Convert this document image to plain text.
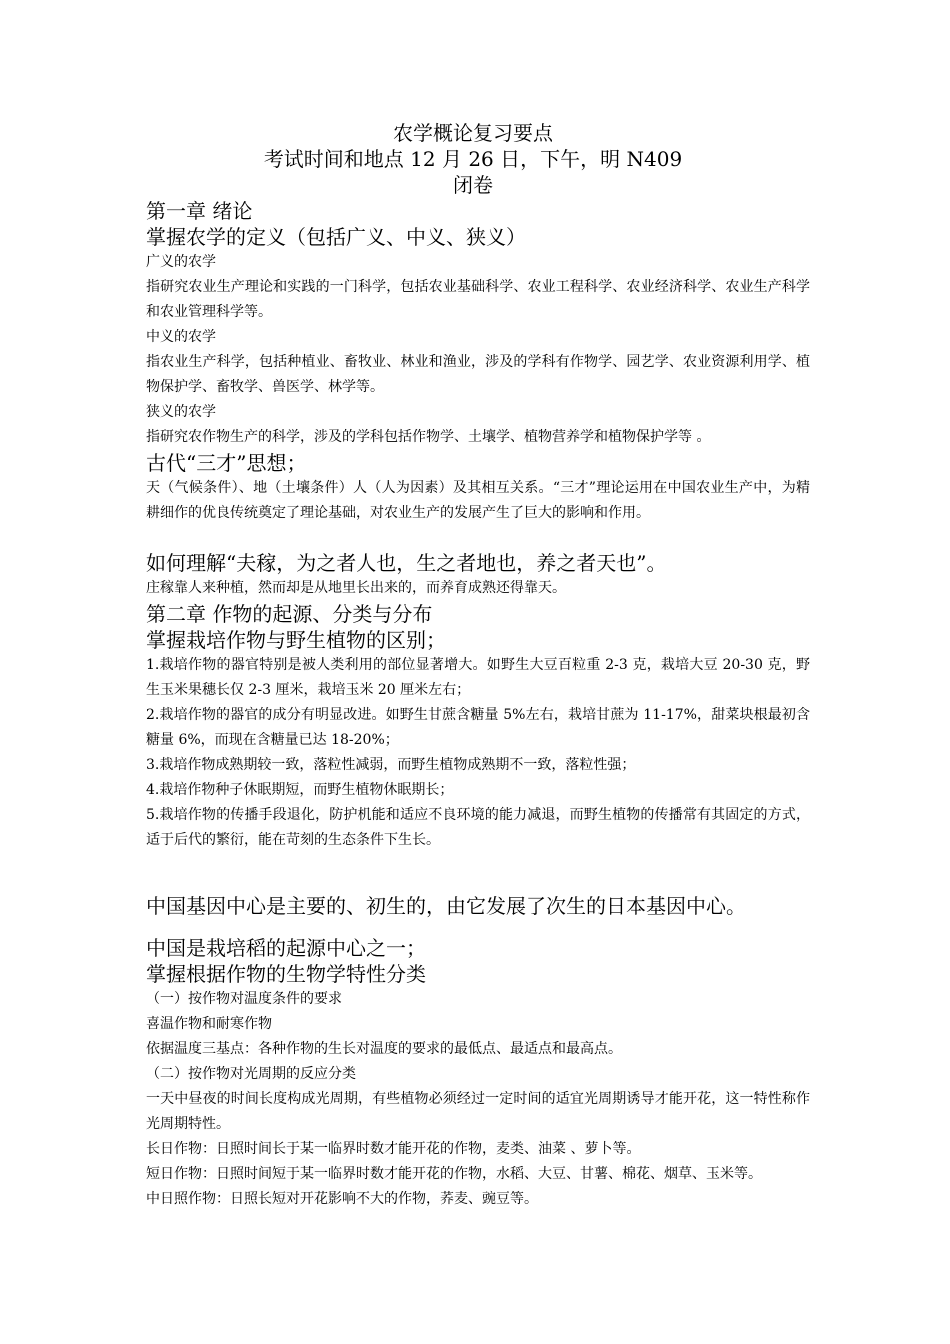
农学概论复习要点
考试时间和地点 12 月 26 日，下午，明 N409
闭卷
第一章 绪论
掌握农学的定义（包括广义、中义、狭义）

广义的农学

指研究农业生产理论和实践的一门科学，包括农业基础科学、农业工程科学、农业经济科学、农业生产科学和农业管理科学等。

中义的农学

指农业生产科学，包括种植业、畜牧业、林业和渔业，涉及的学科有作物学、园艺学、农业资源利用学、植物保护学、畜牧学、兽医学、林学等。

狭义的农学

指研究农作物生产的科学，涉及的学科包括作物学、土壤学、植物营养学和植物保护学等 。

古代“三才”思想；

天（气候条件）、地（土壤条件）人（人为因素）及其相互关系。“三才”理论运用在中国农业生产中，为精耕细作的优良传统奠定了理论基础，对农业生产的发展产生了巨大的影响和作用。

如何理解“夫稼，为之者人也，生之者地也，养之者天也”。

庄稼靠人来种植，然而却是从地里长出来的，而养育成熟还得靠天。

第二章 作物的起源、分类与分布
掌握栽培作物与野生植物的区别；

1.栽培作物的器官特别是被人类利用的部位显著增大。如野生大豆百粒重 2-3 克，栽培大豆 20-30 克，野生玉米果穗长仅 2-3 厘米，栽培玉米 20 厘米左右；

2.栽培作物的器官的成分有明显改进。如野生甘蔗含糖量 5%左右，栽培甘蔗为 11-17%，甜菜块根最初含糖量 6%，而现在含糖量已达 18-20%；

3.栽培作物成熟期较一致，落粒性减弱，而野生植物成熟期不一致，落粒性强；

4.栽培作物种子休眠期短，而野生植物休眠期长；

5.栽培作物的传播手段退化，防护机能和适应不良环境的能力减退，而野生植物的传播常有其固定的方式，适于后代的繁衍，能在苛刻的生态条件下生长。

中国基因中心是主要的、初生的，由它发展了次生的日本基因中心。
中国是栽培稻的起源中心之一；
掌握根据作物的生物学特性分类

（一）按作物对温度条件的要求

喜温作物和耐寒作物

依据温度三基点：各种作物的生长对温度的要求的最低点、最适点和最高点。

（二）按作物对光周期的反应分类

一天中昼夜的时间长度构成光周期，有些植物必须经过一定时间的适宜光周期诱导才能开花，这一特性称作光周期特性。

长日作物：日照时间长于某一临界时数才能开花的作物，麦类、油菜 、萝卜等。

短日作物：日照时间短于某一临界时数才能开花的作物，水稻、大豆、甘薯、棉花、烟草、玉米等。

中日照作物：日照长短对开花影响不大的作物，荞麦、豌豆等。
